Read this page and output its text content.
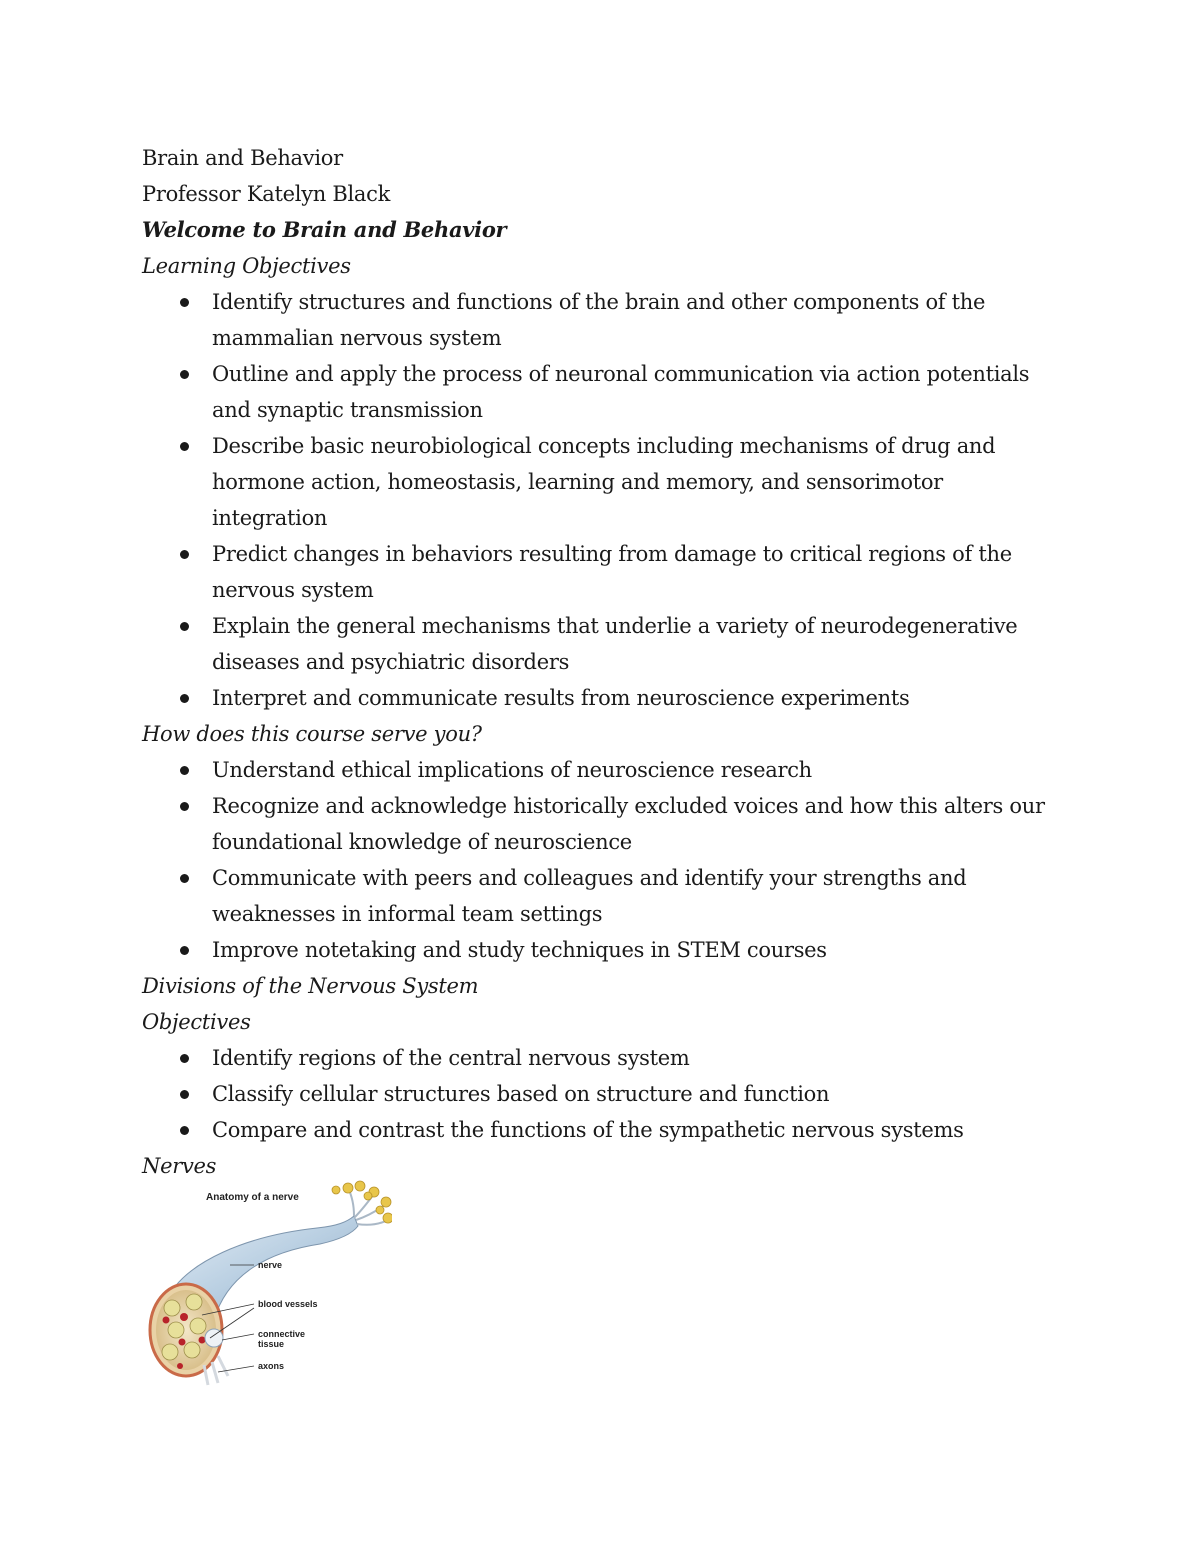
Brain and Behavior
Professor Katelyn Black
Welcome to Brain and Behavior
Learning Objectives
Identify structures and functions of the brain and other components of the
mammalian nervous system
Outline and apply the process of neuronal communication via action potentials
and synaptic transmission
Describe basic neurobiological concepts including mechanisms of drug and
hormone action, homeostasis, learning and memory, and sensorimotor
integration
Predict changes in behaviors resulting from damage to critical regions of the
nervous system
Explain the general mechanisms that underlie a variety of neurodegenerative
diseases and psychiatric disorders
Interpret and communicate results from neuroscience experiments
How does this course serve you?
Understand ethical implications of neuroscience research
Recognize and acknowledge historically excluded voices and how this alters our
foundational knowledge of neuroscience
Communicate with peers and colleagues and identify your strengths and
weaknesses in informal team settings
Improve notetaking and study techniques in STEM courses
Divisions of the Nervous System
Objectives
Identify regions of the central nervous system
Classify cellular structures based on structure and function
Compare and contrast the functions of the sympathetic nervous systems
Nerves
Anatomy of a nerve
nerve
blood vessels
connective tissue
axons
